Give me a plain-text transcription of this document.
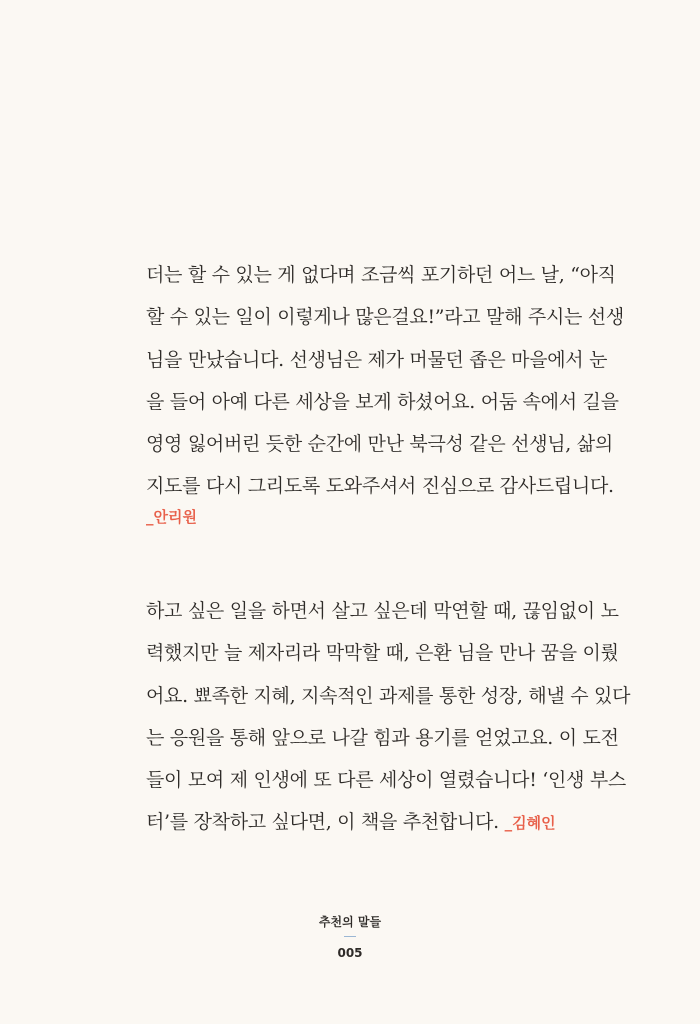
더는 할 수 있는 게 없다며 조금씩 포기하던 어느 날, “아직
할 수 있는 일이 이렇게나 많은걸요!”라고 말해 주시는 선생
님을 만났습니다. 선생님은 제가 머물던 좁은 마을에서 눈
을 들어 아예 다른 세상을 보게 하셨어요. 어둠 속에서 길을
영영 잃어버린 듯한 순간에 만난 북극성 같은 선생님, 삶의
지도를 다시 그리도록 도와주셔서 진심으로 감사드립니다.
_안리원
하고 싶은 일을 하면서 살고 싶은데 막연할 때, 끊임없이 노
력했지만 늘 제자리라 막막할 때, 은환 님을 만나 꿈을 이뤘
어요. 뾰족한 지혜, 지속적인 과제를 통한 성장, 해낼 수 있다
는 응원을 통해 앞으로 나갈 힘과 용기를 얻었고요. 이 도전
들이 모여 제 인생에 또 다른 세상이 열렸습니다! ‘인생 부스
터’를 장착하고 싶다면, 이 책을 추천합니다. _김혜인
추천의 말들
005
